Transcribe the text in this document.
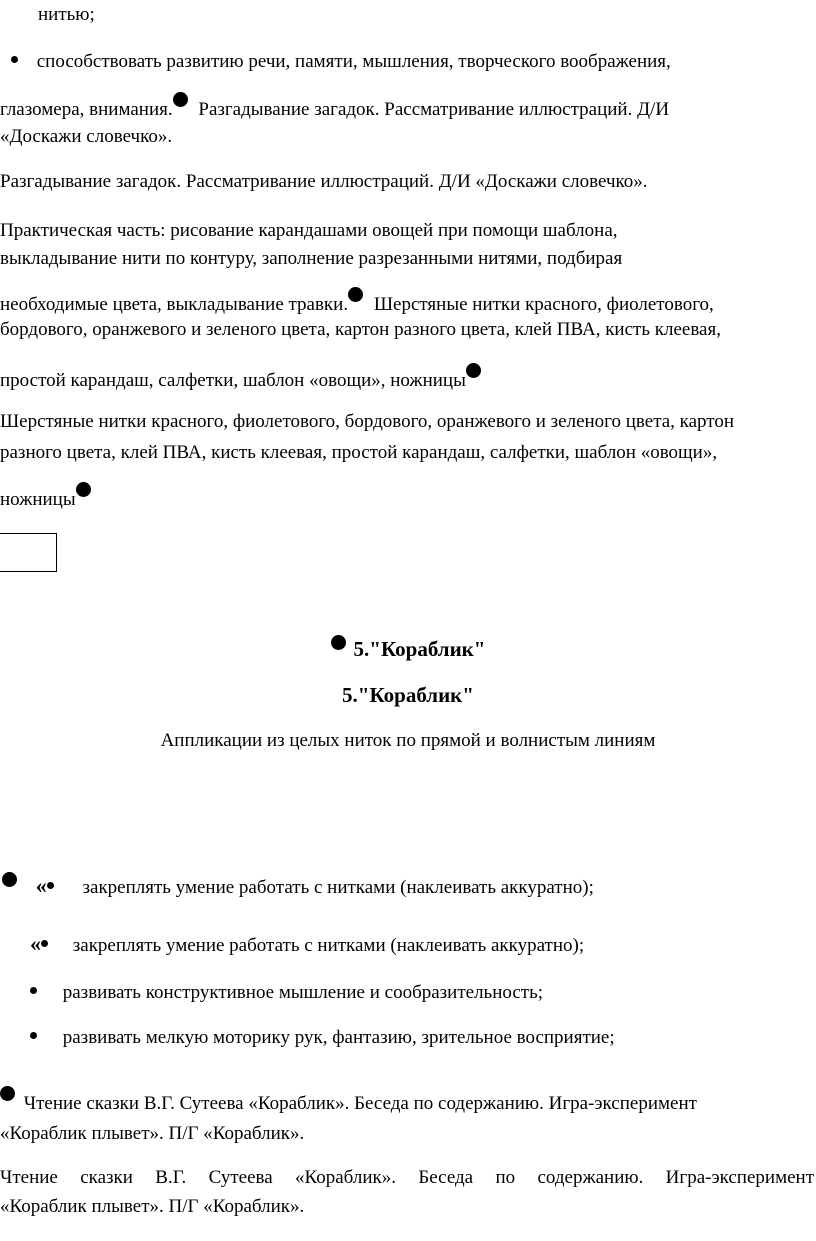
нитью;
способствовать развитию речи, памяти, мышления, творческого воображения,
глазомера, внимания. Разгадывание загадок. Рассматривание иллюстраций. Д/И
«Доскажи словечко».
Разгадывание загадок. Рассматривание иллюстраций. Д/И «Доскажи словечко».
Практическая часть: рисование карандашами овощей при помощи шаблона,
выкладывание нити по контуру, заполнение разрезанными нитями, подбирая
необходимые цвета, выкладывание травки. Шерстяные нитки красного, фиолетового,
бордового, оранжевого и зеленого цвета, картон разного цвета, клей ПВА, кисть клеевая,
простой карандаш, салфетки, шаблон «овощи», ножницы
Шерстяные нитки красного, фиолетового, бордового, оранжевого и зеленого цвета, картон
разного цвета, клей ПВА, кисть клеевая, простой карандаш, салфетки, шаблон «овощи»,
ножницы
5."Кораблик"
5."Кораблик"
Аппликации из целых ниток по прямой и волнистым линиям
« закреплять умение работать с нитками (наклеивать аккуратно);
« закреплять умение работать с нитками (наклеивать аккуратно);
развивать конструктивное мышление и сообразительность;
развивать мелкую моторику рук, фантазию, зрительное восприятие;
Чтение сказки В.Г. Сутеева «Кораблик». Беседа по содержанию. Игра-эксперимент
«Кораблик плывет». П/Г «Кораблик».
Чтение сказки В.Г. Сутеева «Кораблик». Беседа по содержанию. Игра-эксперимент
«Кораблик плывет». П/Г «Кораблик».
